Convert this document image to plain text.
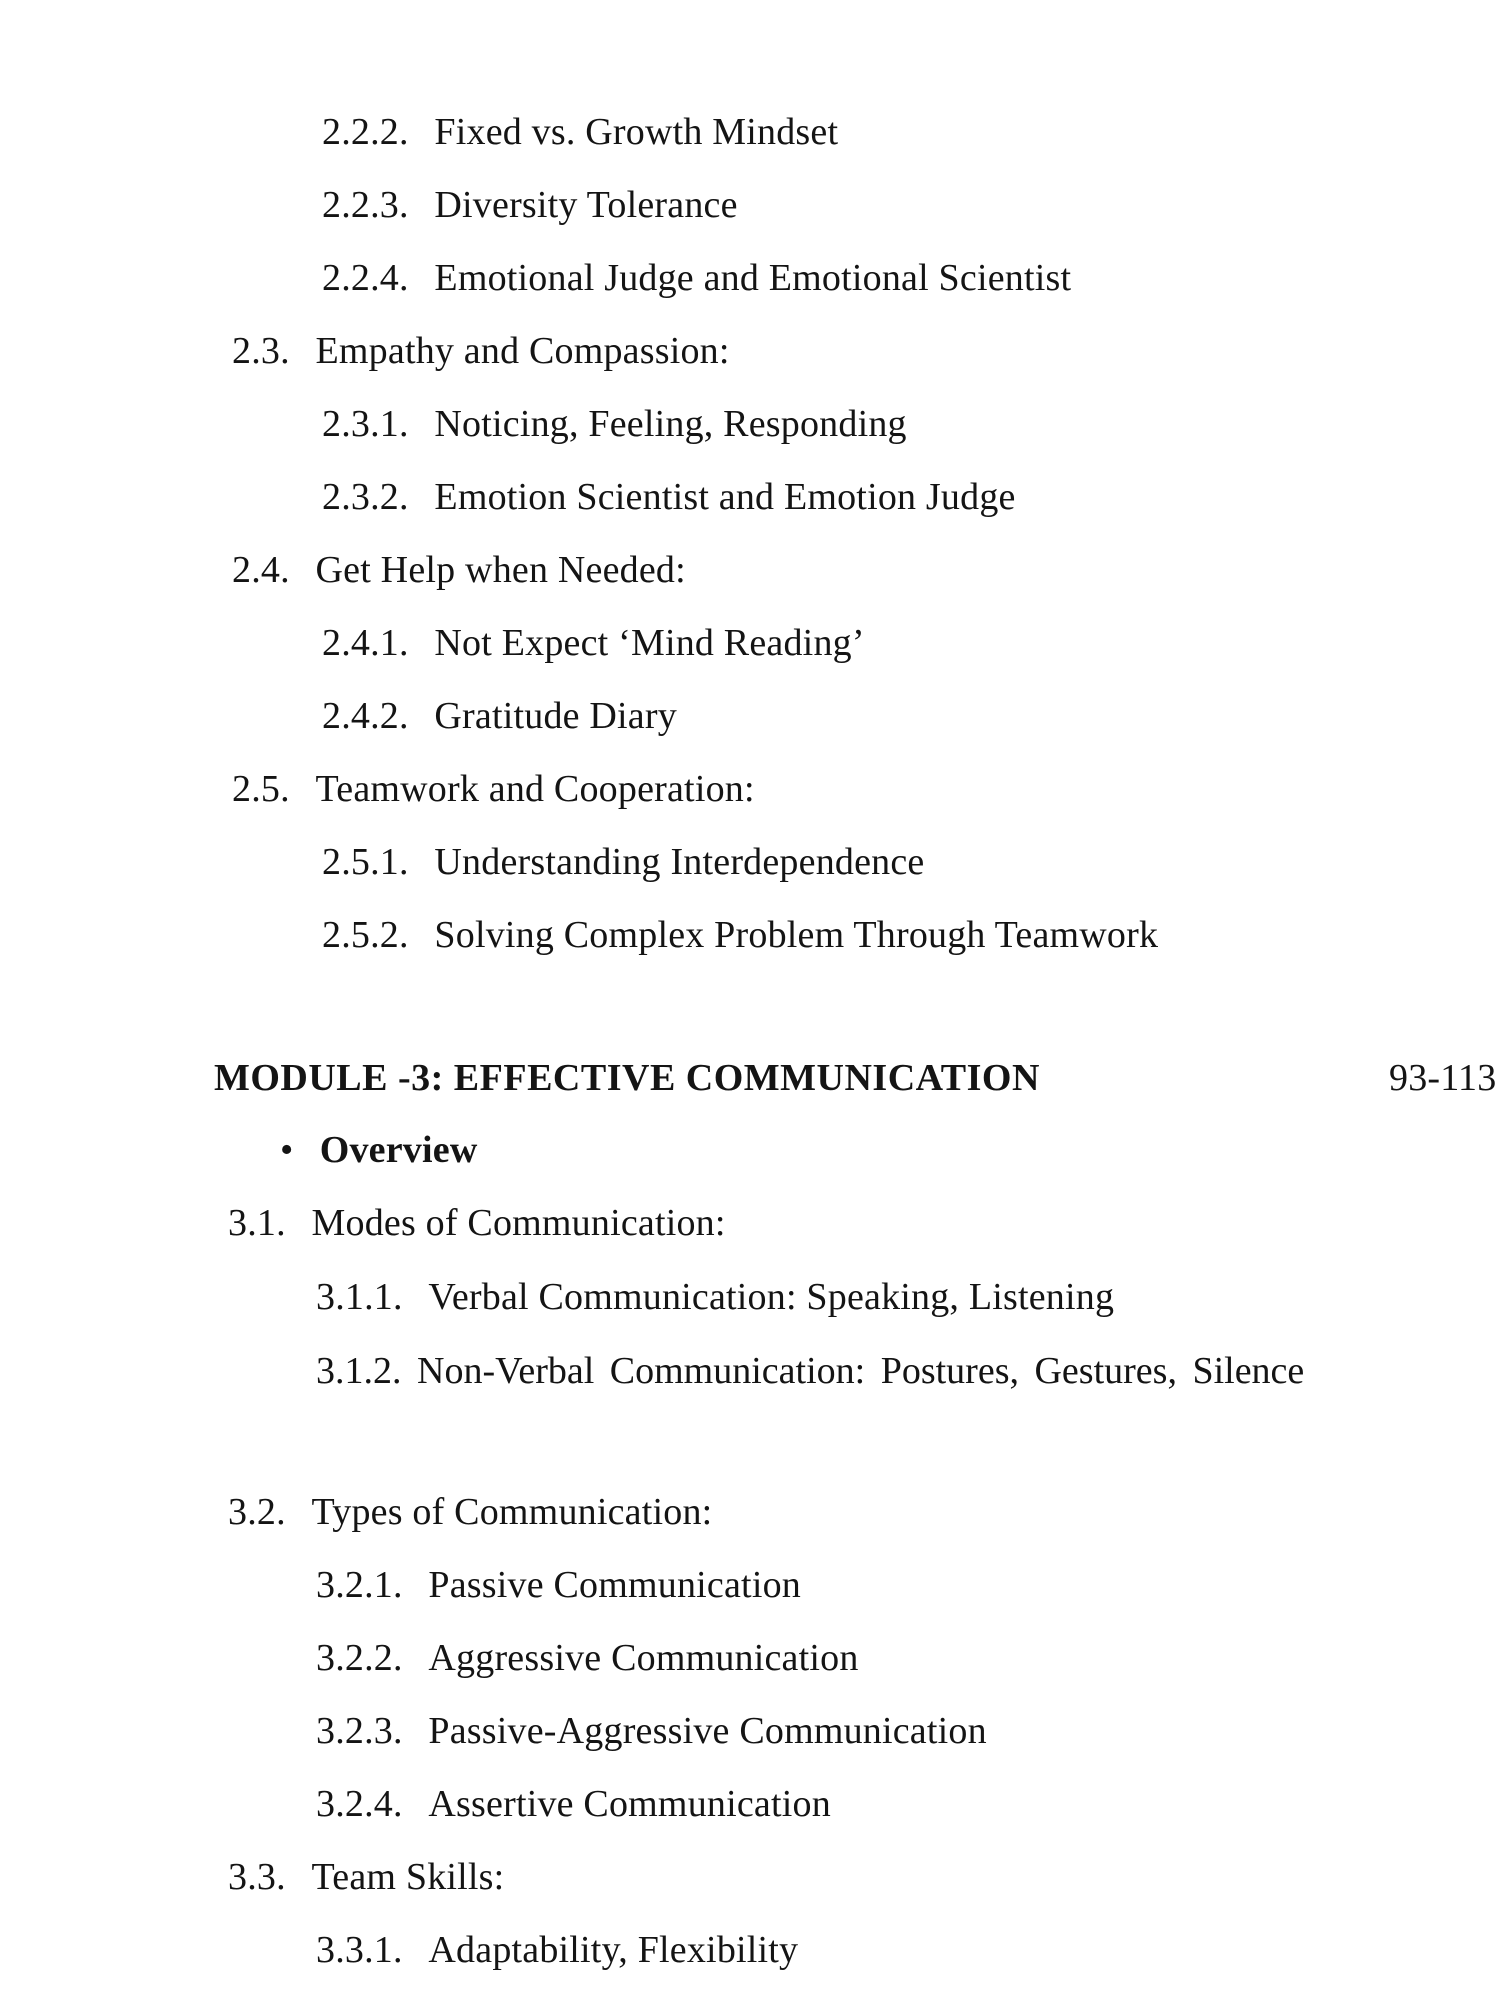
2.2.2. Fixed vs. Growth Mindset
2.2.3. Diversity Tolerance
2.2.4. Emotional Judge and Emotional Scientist
2.3. Empathy and Compassion:
2.3.1. Noticing, Feeling, Responding
2.3.2. Emotion Scientist and Emotion Judge
2.4. Get Help when Needed:
2.4.1. Not Expect ‘Mind Reading’
2.4.2. Gratitude Diary
2.5. Teamwork and Cooperation:
2.5.1. Understanding Interdependence
2.5.2. Solving Complex Problem Through Teamwork
MODULE -3: EFFECTIVE COMMUNICATION	93-113
• Overview
3.1. Modes of Communication:
3.1.1. Verbal Communication: Speaking, Listening
3.1.2. Non-Verbal Communication: Postures, Gestures, Silence
3.2. Types of Communication:
3.2.1. Passive Communication
3.2.2. Aggressive Communication
3.2.3. Passive-Aggressive Communication
3.2.4. Assertive Communication
3.3. Team Skills:
3.3.1. Adaptability, Flexibility
